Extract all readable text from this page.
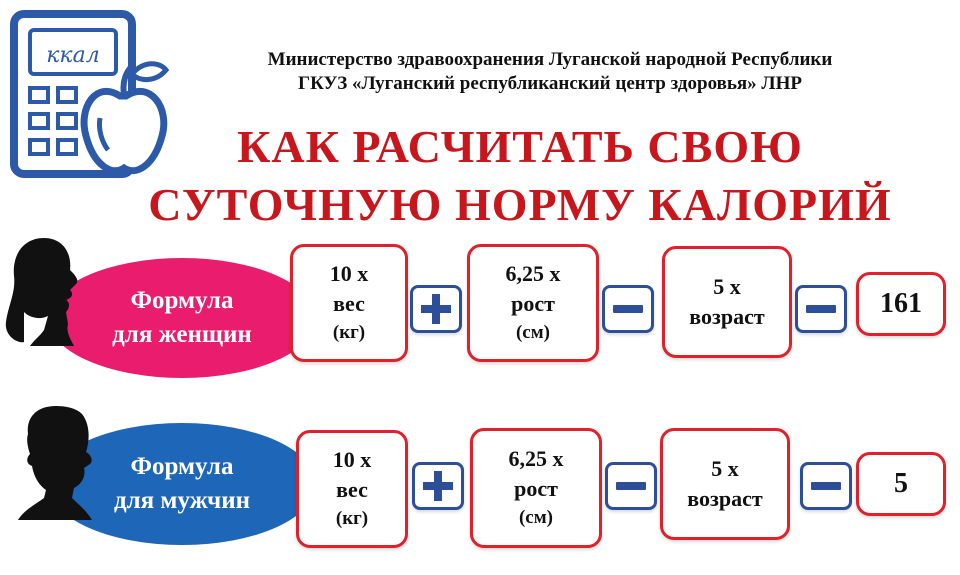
ккал	Министерство здравоохранения Луганской народной Республики
ГКУЗ «Луганский республиканский центр здоровья» ЛНР
КАК РАСЧИТАТЬ СВОЮ
СУТОЧНУЮ НОРМУ КАЛОРИЙ
Формула
для женщин
10 х
вес
(кг)
6,25 х
рост
(см)
5 х
возраст	161
Формула
для мужчин
10 х
вес
(кг)
6,25 х
рост
(см)
5 х
возраст	5
